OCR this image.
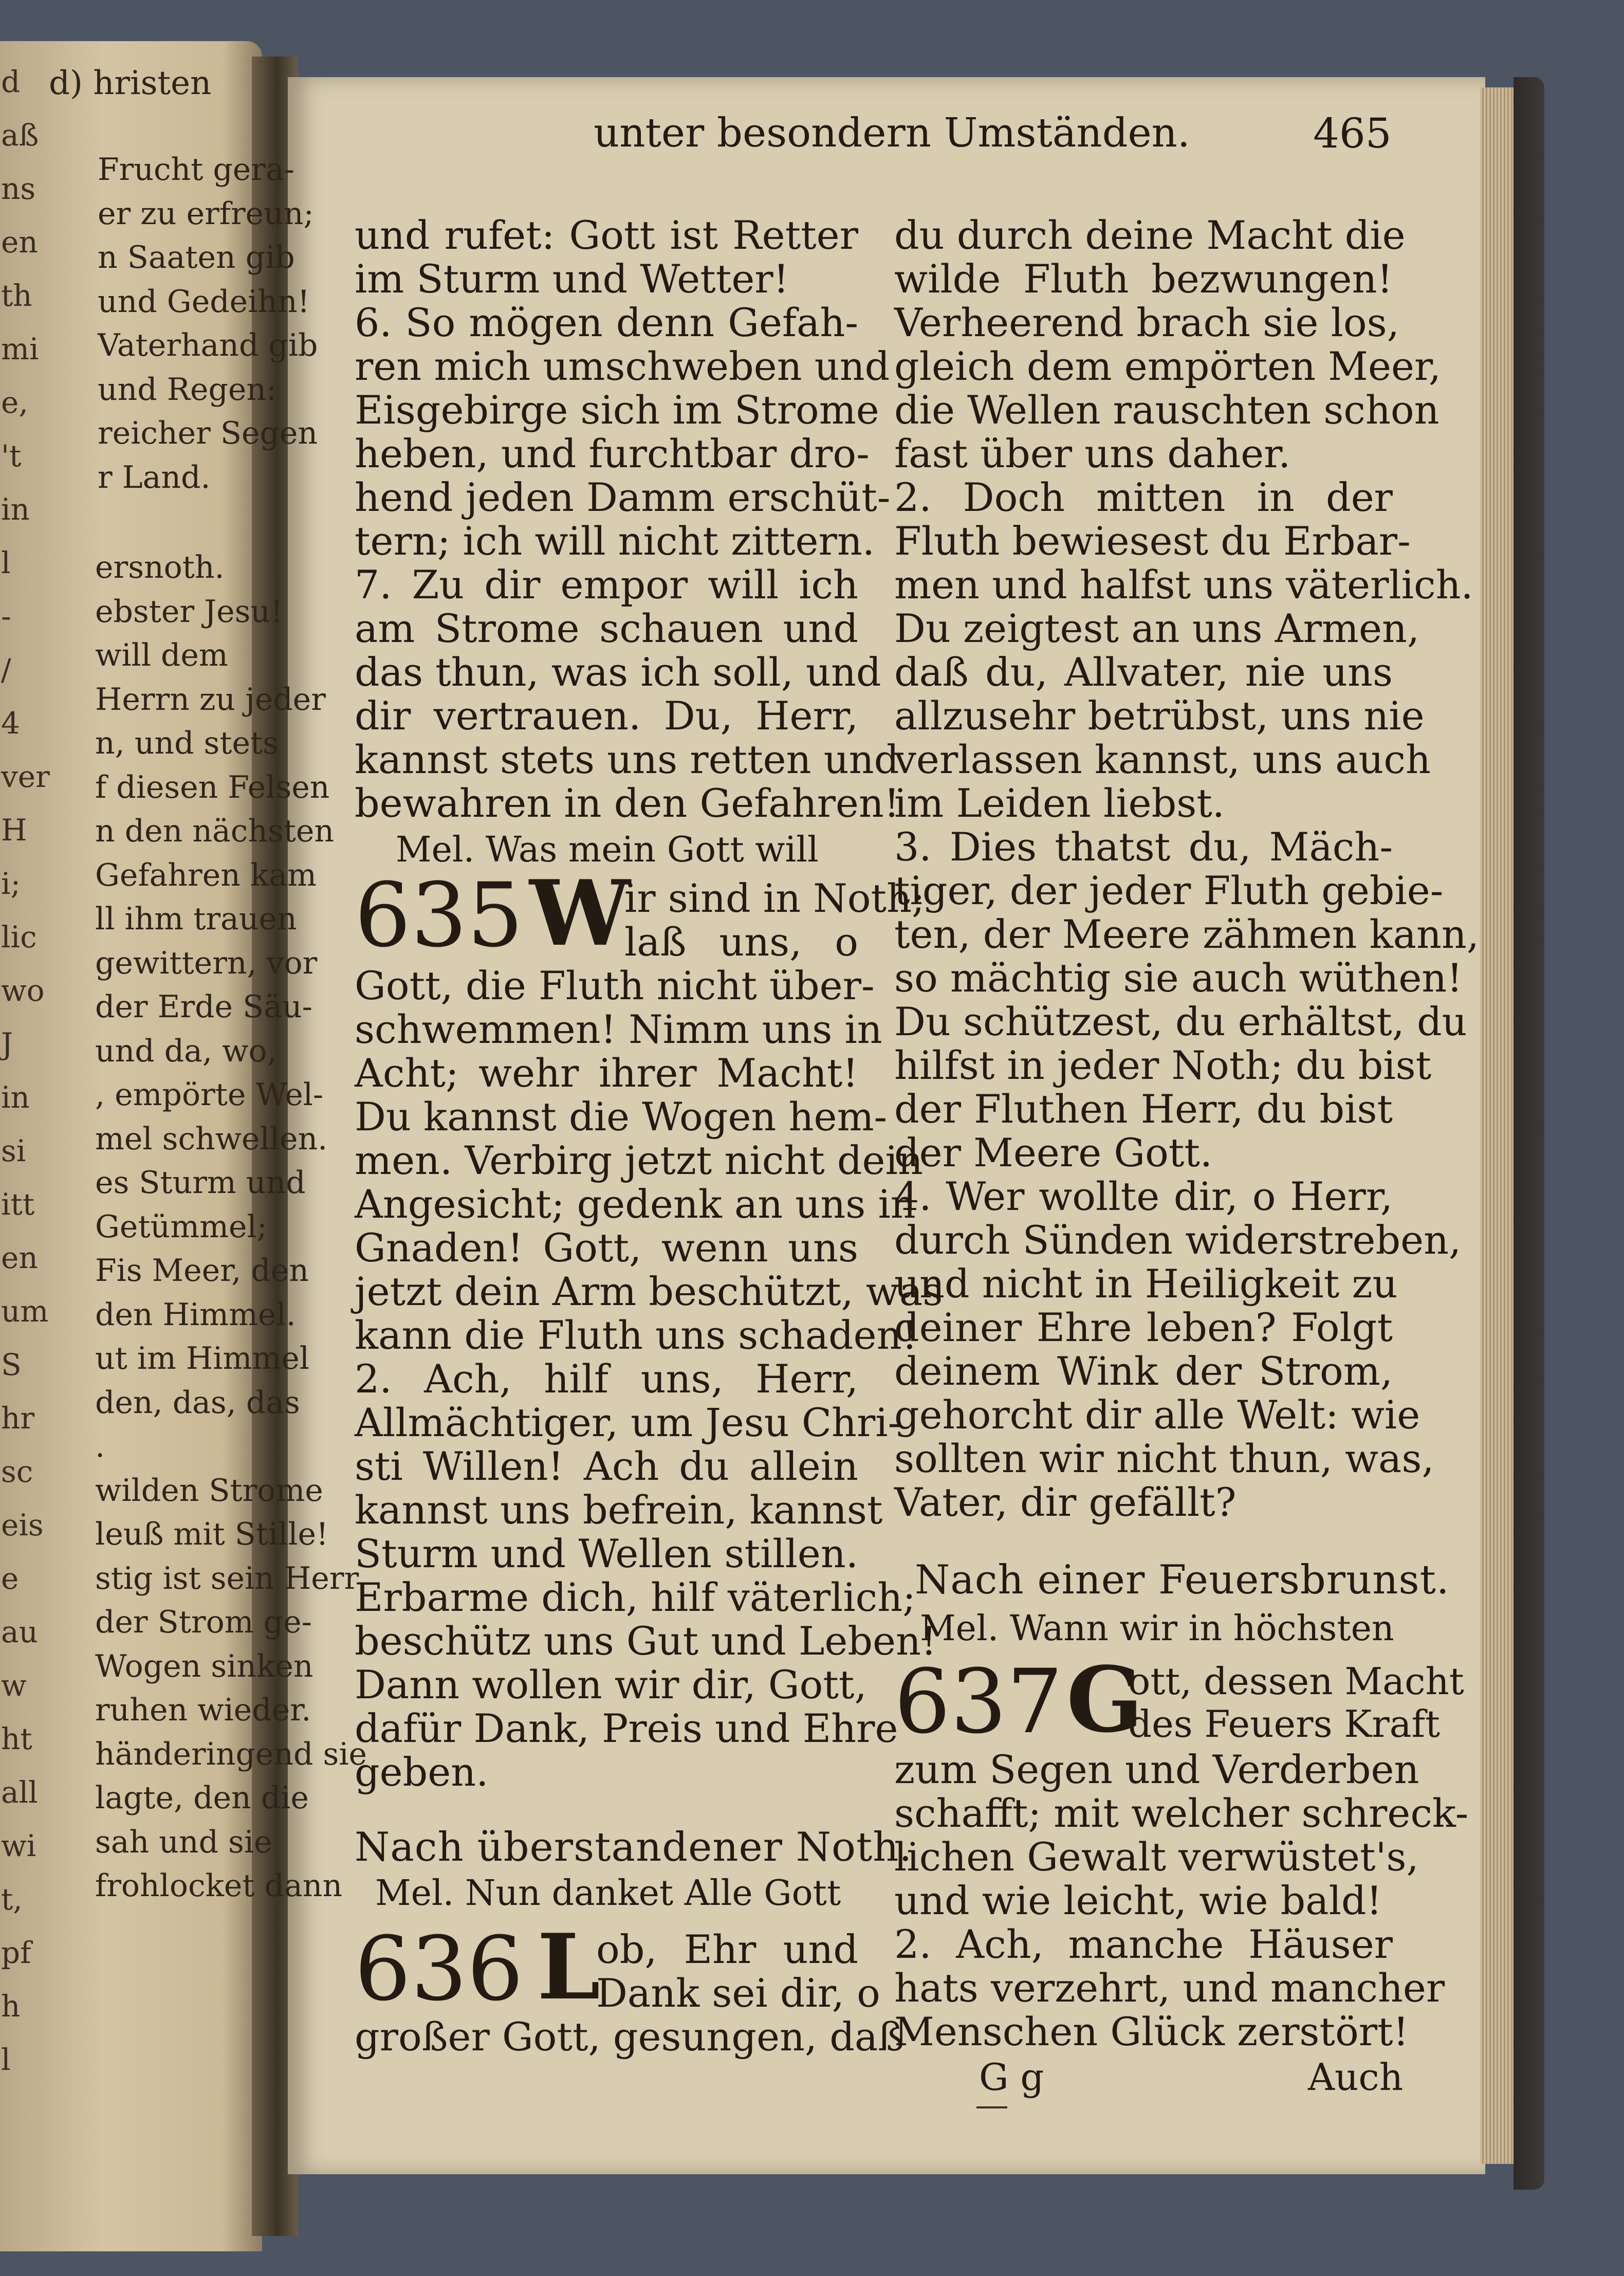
d) hristen
Frucht gera-
er zu erfreun;
n Saaten gib
und Gedeihn!
Vaterhand gib
und Regen:
reicher Segen
r Land.
ersnoth.
ebster Jesu!
will dem
Herrn zu jeder
n, und stets
f diesen Felsen
n den nächsten
Gefahren kam
ll ihm trauen
gewittern, vor
der Erde Säu-
und da, wo,
, empörte Wel-
mel schwellen.
es Sturm und
Getümmel;
Fis Meer, den
den Himmel.
ut im Himmel
den, das, das
.
wilden Strome
leuß mit Stille!
stig ist sein Herr
der Strom ge-
Wogen sinken
ruhen wieder.
händeringend sie
lagte, den die
sah und sie
frohlocket dann
d
aß
ns
en
th
mi
e,
't
in
l
-
/
4
ver
H
i;
lic
wo
J
in
si
itt
en
um
S
hr
sc
eis
e
au
w
ht
all
wi
t,
pf
h
l
unter besondern Umständen.	465
Mel. Was mein Gott will
635 W
ir sind in Noth;
laß uns, o
Nach überstandener Noth.
Mel. Nun danket Alle Gott
636 L
ob, Ehr und
Dank sei dir, o
großer Gott, gesungen, daß
Nach einer Feuersbrunst.
Mel. Wann wir in höchsten
637 G
ott, dessen Macht
des Feuers Kraft
G g	Auch
und rufet: Gott ist Retter
im Sturm und Wetter!
6. So mögen denn Gefah-
ren mich umschweben und
Eisgebirge sich im Strome
heben, und furchtbar dro-
hend jeden Damm erschüt-
tern; ich will nicht zittern.
7. Zu dir empor will ich
am Strome schauen und
das thun, was ich soll, und
dir vertrauen. Du, Herr,
kannst stets uns retten und
bewahren in den Gefahren!
Gott, die Fluth nicht über-
schwemmen! Nimm uns in
Acht; wehr ihrer Macht!
Du kannst die Wogen hem-
men. Verbirg jetzt nicht dein
Angesicht; gedenk an uns in
Gnaden! Gott, wenn uns
jetzt dein Arm beschützt, was
kann die Fluth uns schaden!
2. Ach, hilf uns, Herr,
Allmächtiger, um Jesu Chri-
sti Willen! Ach du allein
kannst uns befrein, kannst
Sturm und Wellen stillen.
Erbarme dich, hilf väterlich;
beschütz uns Gut und Leben!
Dann wollen wir dir, Gott,
dafür Dank, Preis und Ehre
geben.
du durch deine Macht die
wilde Fluth bezwungen!
Verheerend brach sie los,
gleich dem empörten Meer,
die Wellen rauschten schon
fast über uns daher.
2. Doch mitten in der
Fluth bewiesest du Erbar-
men und halfst uns väterlich.
Du zeigtest an uns Armen,
daß du, Allvater, nie uns
allzusehr betrübst, uns nie
verlassen kannst, uns auch
im Leiden liebst.
3. Dies thatst du, Mäch-
tiger, der jeder Fluth gebie-
ten, der Meere zähmen kann,
so mächtig sie auch wüthen!
Du schützest, du erhältst, du
hilfst in jeder Noth; du bist
der Fluthen Herr, du bist
der Meere Gott.
4. Wer wollte dir, o Herr,
durch Sünden widerstreben,
und nicht in Heiligkeit zu
deiner Ehre leben? Folgt
deinem Wink der Strom,
gehorcht dir alle Welt: wie
sollten wir nicht thun, was,
Vater, dir gefällt?
zum Segen und Verderben
schafft; mit welcher schreck-
lichen Gewalt verwüstet's,
und wie leicht, wie bald!
2. Ach, manche Häuser
hats verzehrt, und mancher
Menschen Glück zerstört!
